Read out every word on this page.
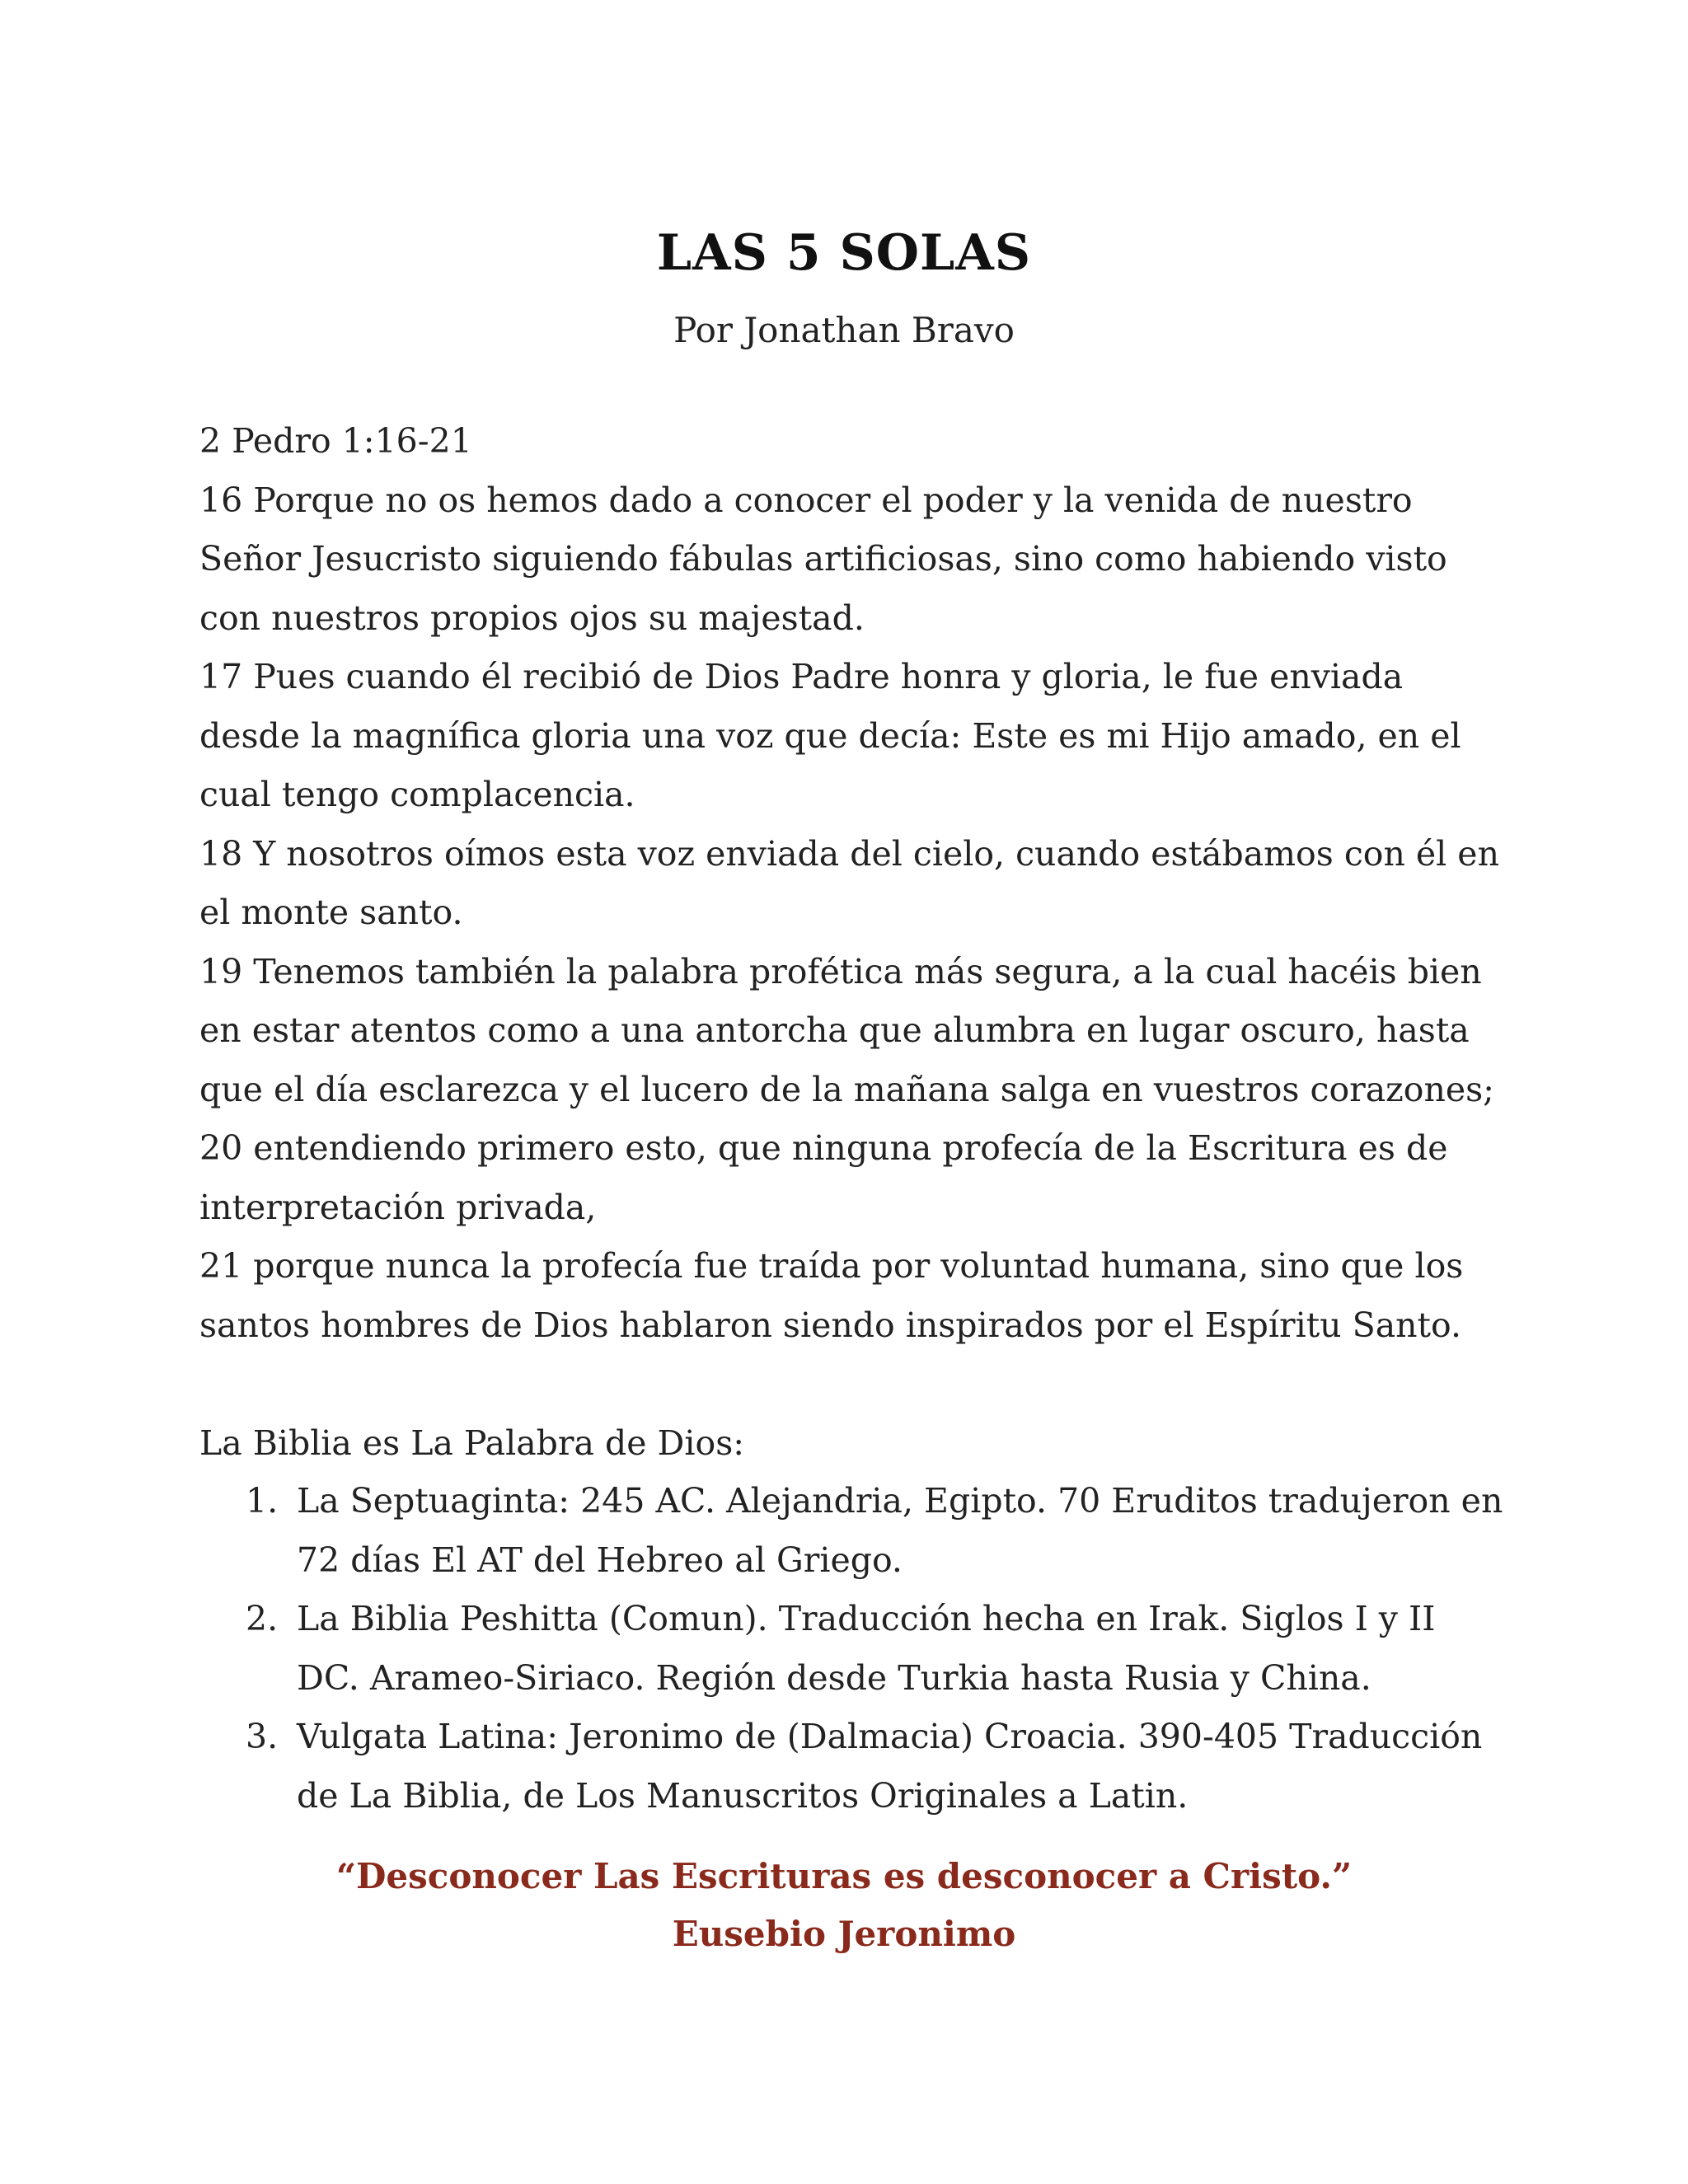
LAS 5 SOLAS
Por Jonathan Bravo
2 Pedro 1:16-21
16 Porque no os hemos dado a conocer el poder y la venida de nuestro
Señor Jesucristo siguiendo fábulas artificiosas, sino como habiendo visto
con nuestros propios ojos su majestad.
17 Pues cuando él recibió de Dios Padre honra y gloria, le fue enviada
desde la magnífica gloria una voz que decía: Este es mi Hijo amado, en el
cual tengo complacencia.
18 Y nosotros oímos esta voz enviada del cielo, cuando estábamos con él en
el monte santo.
19 Tenemos también la palabra profética más segura, a la cual hacéis bien
en estar atentos como a una antorcha que alumbra en lugar oscuro, hasta
que el día esclarezca y el lucero de la mañana salga en vuestros corazones;
20 entendiendo primero esto, que ninguna profecía de la Escritura es de
interpretación privada,
21 porque nunca la profecía fue traída por voluntad humana, sino que los
santos hombres de Dios hablaron siendo inspirados por el Espíritu Santo.
La Biblia es La Palabra de Dios:
1. La Septuaginta: 245 AC. Alejandria, Egipto. 70 Eruditos tradujeron en
72 días El AT del Hebreo al Griego.
2. La Biblia Peshitta (Comun). Traducción hecha en Irak. Siglos I y II
DC. Arameo-Siriaco. Región desde Turkia hasta Rusia y China.
3. Vulgata Latina: Jeronimo de (Dalmacia) Croacia. 390-405 Traducción
de La Biblia, de Los Manuscritos Originales a Latin.
“Desconocer Las Escrituras es desconocer a Cristo.”
Eusebio Jeronimo
